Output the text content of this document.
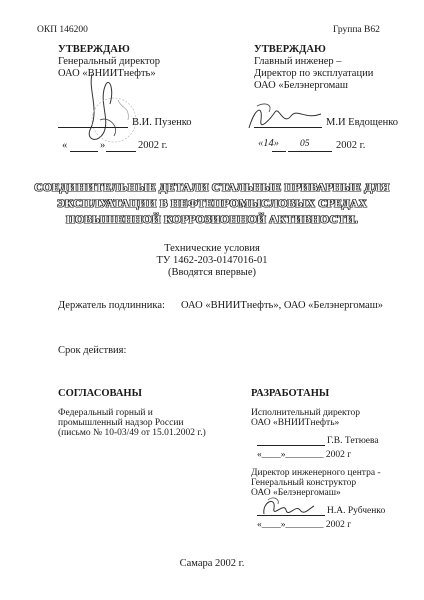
ОКП 146200	Группа В62
УТВЕРЖДАЮ
Генеральный директор
ОАО «ВНИИТнефть»
В.И. Пузенко
«	»	2002 г.
УТВЕРЖДАЮ
Главный инженер –
Директор по эксплуатации
ОАО «Белэнергомаш
М.И Евдощенко
«14» 05	2002 г.
СОЕДИНИТЕЛЬНЫЕ ДЕТАЛИ СТАЛЬНЫЕ ПРИВАРНЫЕ ДЛЯ
ЭКСПЛУАТАЦИИ В НЕФТЕПРОМЫСЛОВЫХ СРЕДАХ
ПОВЫШЕННОЙ КОРРОЗИОННОЙ АКТИВНОСТИ.
Технические условия
ТУ 1462-203-0147016-01
(Вводятся впервые)
Держатель подлинника: ОАО «ВНИИТнефть», ОАО «Белэнергомаш»
Срок действия:
СОГЛАСОВАНЫ
Федеральный горный и
промышленный надзор России
(письмо № 10-03/49 от 15.01.2002 г.)
РАЗРАБОТАНЫ
Исполнительный директор
ОАО «ВНИИТнефть»
Г.В. Тетюева
«____»________ 2002 г
Директор инженерного центра -
Генеральный конструктор
ОАО «Белэнергомаш»
Н.А. Рубченко
«____»________ 2002 г
Самара 2002 г.
